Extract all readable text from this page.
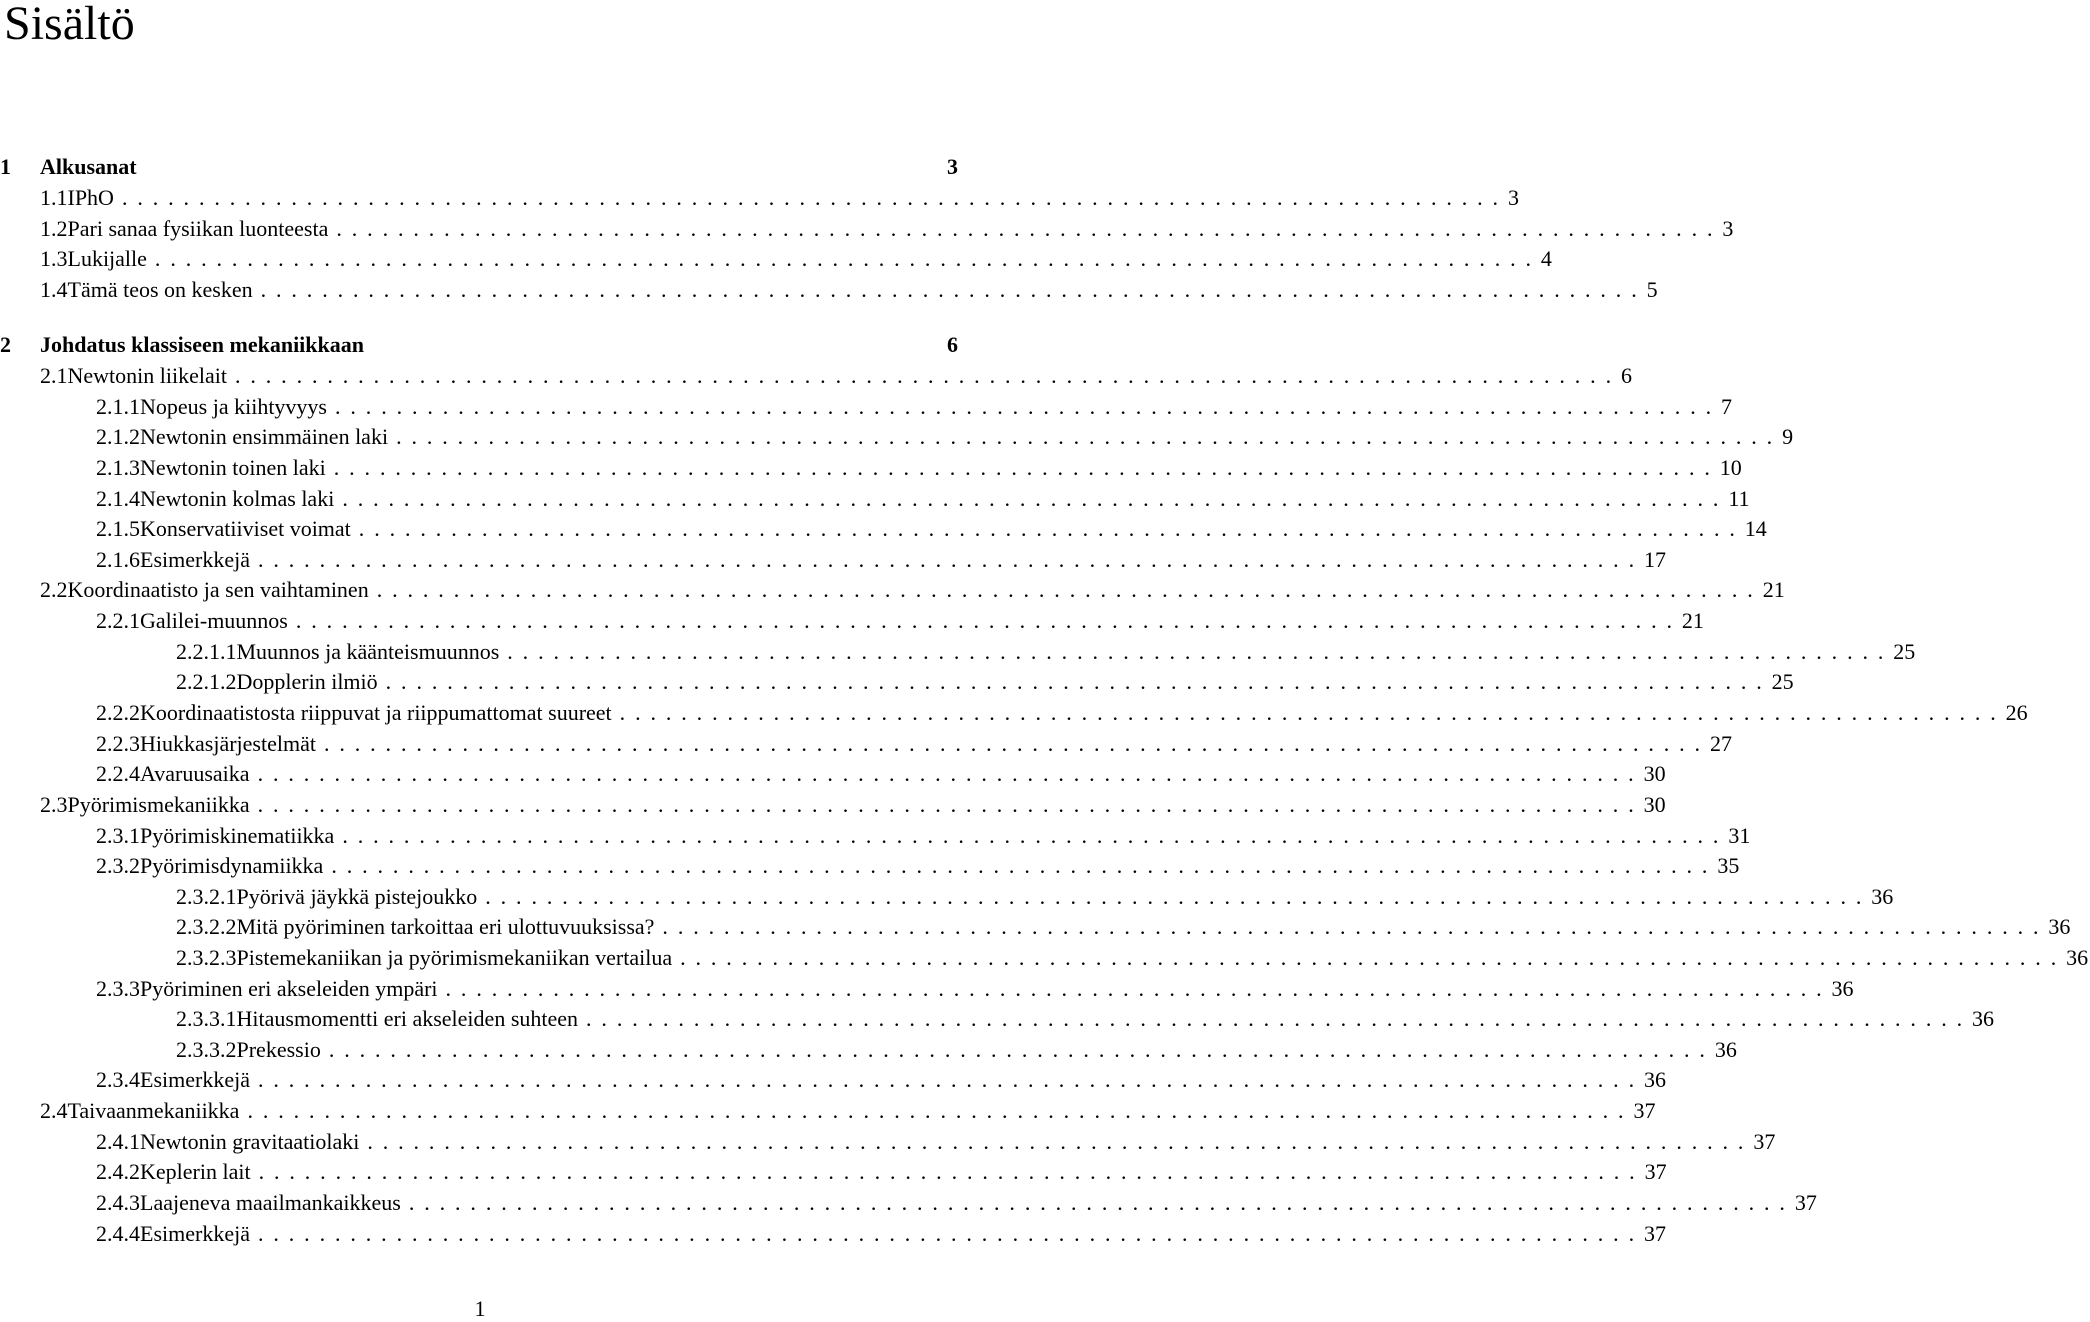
Sisältö
1	Alkusanat	3
1.1 IPhO .......................................................................................... 3
1.2 Pari sanaa fysiikan luonteesta .......................................................................................... 3
1.3 Lukijalle .......................................................................................... 4
1.4 Tämä teos on kesken .......................................................................................... 5
2	Johdatus klassiseen mekaniikkaan	6
2.1 Newtonin liikelait .......................................................................................... 6
2.1.1 Nopeus ja kiihtyvyys .......................................................................................... 7
2.1.2 Newtonin ensimmäinen laki .......................................................................................... 9
2.1.3 Newtonin toinen laki .......................................................................................... 10
2.1.4 Newtonin kolmas laki .......................................................................................... 11
2.1.5 Konservatiiviset voimat .......................................................................................... 14
2.1.6 Esimerkkejä .......................................................................................... 17
2.2 Koordinaatisto ja sen vaihtaminen .......................................................................................... 21
2.2.1 Galilei-muunnos .......................................................................................... 21
2.2.1.1 Muunnos ja käänteismuunnos .......................................................................................... 25
2.2.1.2 Dopplerin ilmiö .......................................................................................... 25
2.2.2 Koordinaatistosta riippuvat ja riippumattomat suureet .......................................................................................... 26
2.2.3 Hiukkasjärjestelmät .......................................................................................... 27
2.2.4 Avaruusaika .......................................................................................... 30
2.3 Pyörimismekaniikka .......................................................................................... 30
2.3.1 Pyörimiskinematiikka .......................................................................................... 31
2.3.2 Pyörimisdynamiikka .......................................................................................... 35
2.3.2.1 Pyörivä jäykkä pistejoukko .......................................................................................... 36
2.3.2.2 Mitä pyöriminen tarkoittaa eri ulottuvuuksissa? .......................................................................................... 36
2.3.2.3 Pistemekaniikan ja pyörimismekaniikan vertailua .......................................................................................... 36
2.3.3 Pyöriminen eri akseleiden ympäri .......................................................................................... 36
2.3.3.1 Hitausmomentti eri akseleiden suhteen .......................................................................................... 36
2.3.3.2 Prekessio .......................................................................................... 36
2.3.4 Esimerkkejä .......................................................................................... 36
2.4 Taivaanmekaniikka .......................................................................................... 37
2.4.1 Newtonin gravitaatiolaki .......................................................................................... 37
2.4.2 Keplerin lait .......................................................................................... 37
2.4.3 Laajeneva maailmankaikkeus .......................................................................................... 37
2.4.4 Esimerkkejä .......................................................................................... 37
1
